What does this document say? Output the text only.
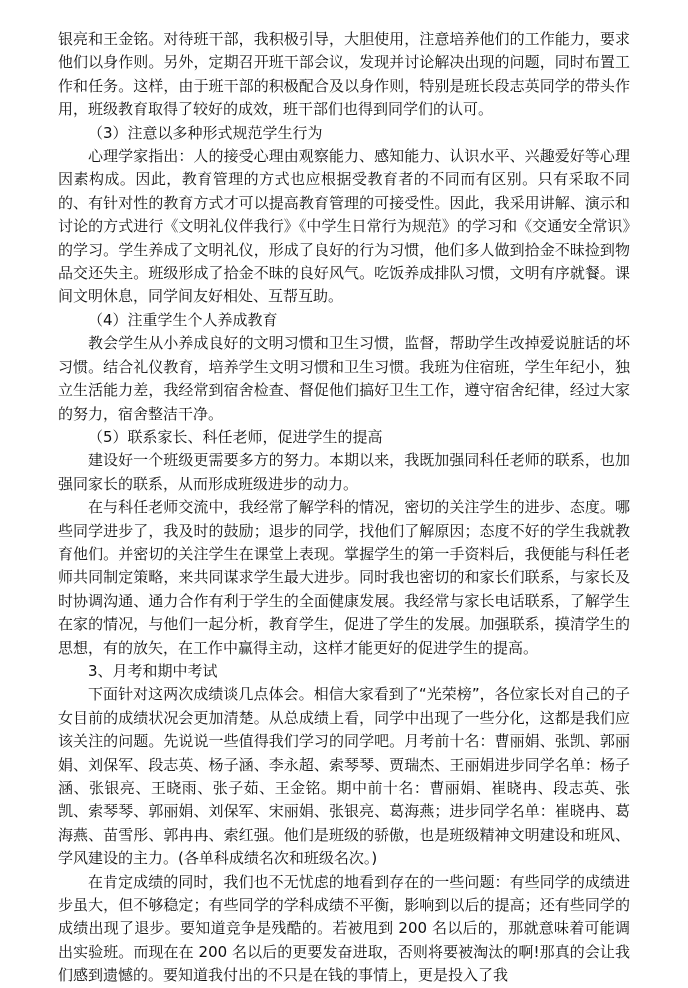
银亮和王金铭。对待班干部，我积极引导，大胆使用，注意培养他们的工作能力，要求他们以身作则。另外，定期召开班干部会议，发现并讨论解决出现的问题，同时布置工作和任务。这样，由于班干部的积极配合及以身作则，特别是班长段志英同学的带头作用，班级教育取得了较好的成效，班干部们也得到同学们的认可。

（3）注意以多种形式规范学生行为

心理学家指出：人的接受心理由观察能力、感知能力、认识水平、兴趣爱好等心理因素构成。因此，教育管理的方式也应根据受教育者的不同而有区别。只有采取不同的、有针对性的教育方式才可以提高教育管理的可接受性。因此，我采用讲解、演示和讨论的方式进行《文明礼仪伴我行》《中学生日常行为规范》的学习和《交通安全常识》的学习。学生养成了文明礼仪，形成了良好的行为习惯，他们多人做到拾金不昧捡到物品交还失主。班级形成了拾金不昧的良好风气。吃饭养成排队习惯，文明有序就餐。课间文明休息，同学间友好相处、互帮互助。

（4）注重学生个人养成教育

教会学生从小养成良好的文明习惯和卫生习惯，监督，帮助学生改掉爱说脏话的坏习惯。结合礼仪教育，培养学生文明习惯和卫生习惯。我班为住宿班，学生年纪小，独立生活能力差，我经常到宿舍检查、督促他们搞好卫生工作，遵守宿舍纪律，经过大家的努力，宿舍整洁干净。

（5）联系家长、科任老师，促进学生的提高

建设好一个班级更需要多方的努力。本期以来，我既加强同科任老师的联系，也加强同家长的联系，从而形成班级进步的动力。

在与科任老师交流中，我经常了解学科的情况，密切的关注学生的进步、态度。哪些同学进步了，我及时的鼓励；退步的同学，找他们了解原因；态度不好的学生我就教育他们。并密切的关注学生在课堂上表现。掌握学生的第一手资料后，我便能与科任老师共同制定策略，来共同谋求学生最大进步。同时我也密切的和家长们联系，与家长及时协调沟通、通力合作有利于学生的全面健康发展。我经常与家长电话联系，了解学生在家的情况，与他们一起分析，教育学生，促进了学生的发展。加强联系，摸清学生的思想，有的放矢，在工作中赢得主动，这样才能更好的促进学生的提高。

3、月考和期中考试

下面针对这两次成绩谈几点体会。相信大家看到了“光荣榜”，各位家长对自己的子女目前的成绩状况会更加清楚。从总成绩上看，同学中出现了一些分化，这都是我们应该关注的问题。先说说一些值得我们学习的同学吧。月考前十名：曹丽娟、张凯、郭丽娟、刘保军、段志英、杨子涵、李永超、索琴琴、贾瑞杰、王丽娟进步同学名单：杨子涵、张银亮、王晓雨、张子茹、王金铭。期中前十名：曹丽娟、崔晓冉、段志英、张凯、索琴琴、郭丽娟、刘保军、宋丽娟、张银亮、葛海燕；进步同学名单：崔晓冉、葛海燕、苗雪彤、郭冉冉、索红强。他们是班级的骄傲，也是班级精神文明建设和班风、学风建设的主力。(各单科成绩名次和班级名次。)

在肯定成绩的同时，我们也不无忧虑的地看到存在的一些问题：有些同学的成绩进步虽大，但不够稳定；有些同学的学科成绩不平衡，影响到以后的提高；还有些同学的成绩出现了退步。要知道竞争是残酷的。若被甩到 200 名以后的，那就意味着可能调出实验班。而现在在 200 名以后的更要发奋进取，否则将要被淘汰的啊!那真的会让我们感到遗憾的。要知道我付出的不只是在钱的事情上，更是投入了我
